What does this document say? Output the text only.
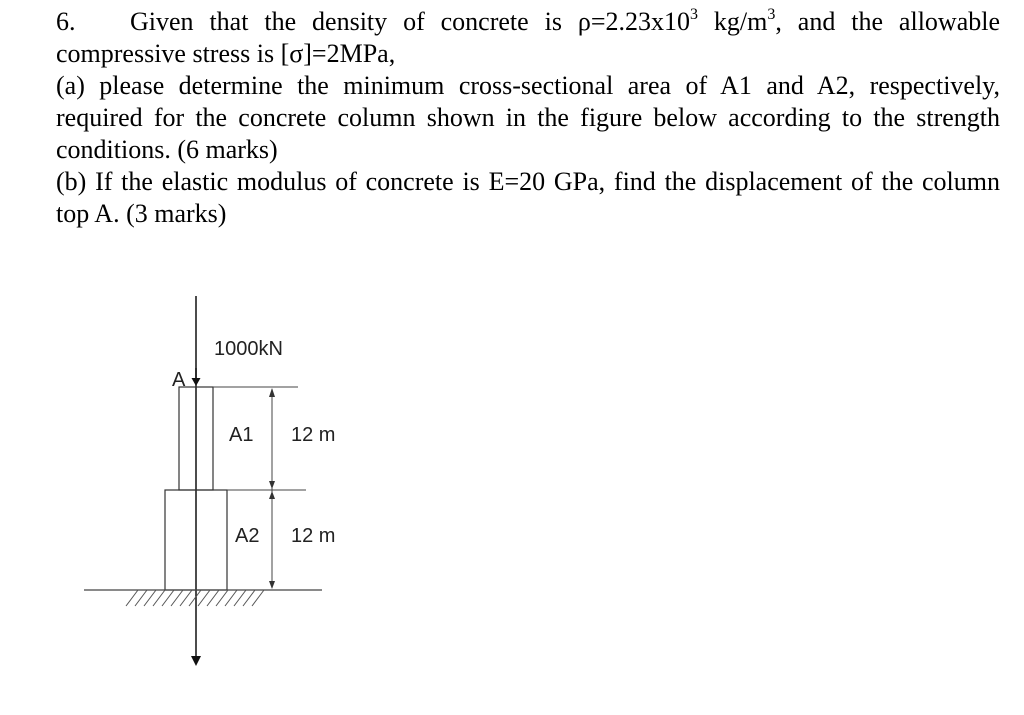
6. Given that the density of concrete is $\rho=2.23x10^3$ $kg/m^3$, and the allowable

compressive stress is [σ]=2MPa,

(a) please determine the minimum cross-sectional area of A1 and A2, respectively, required for the concrete column shown in the figure below according to the strength conditions. (6 marks)

(b) If the elastic modulus of concrete is E=20 GPa, find the displacement of the column top A. (3 marks)

1000kN
A
A1 12 m
A2 12 m
